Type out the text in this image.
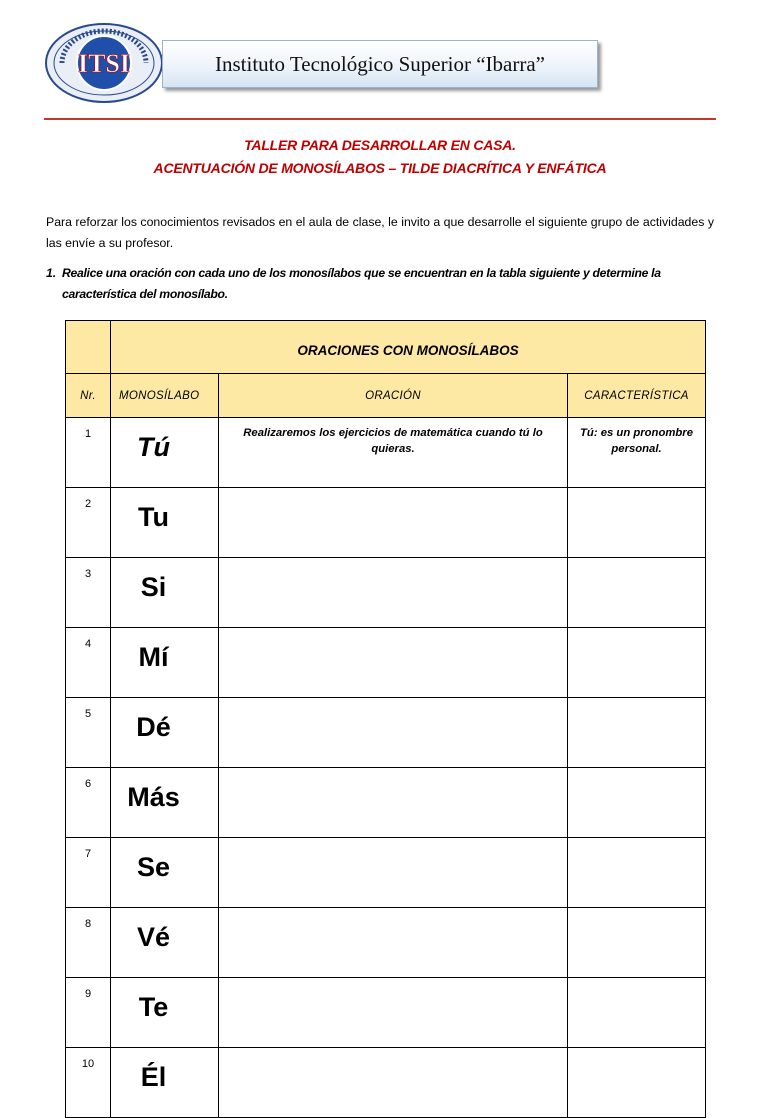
ITSI	Instituto Tecnológico Superior “Ibarra”
TALLER PARA DESARROLLAR EN CASA.
ACENTUACIÓN DE MONOSÍLABOS – TILDE DIACRÍTICA Y ENFÁTICA
Para reforzar los conocimientos revisados en el aula de clase, le invito a que desarrolle el siguiente grupo de actividades y las envíe a su profesor.
1. Realice una oración con cada uno de los monosílabos que se encuentran en la tabla siguiente y determine la característica del monosílabo.
	ORACIONES CON MONOSÍLABOS		
Nr.	MONOSÍLABO	ORACIÓN	CARACTERÍSTICA
1	Tú	Realizaremos los ejercicios de matemática cuando tú lo quieras.	Tú: es un pronombre personal.
2	Tu		
3	Si		
4	Mí		
5	Dé		
6	Más		
7	Se		
8	Vé		
9	Te		
10	Él		
